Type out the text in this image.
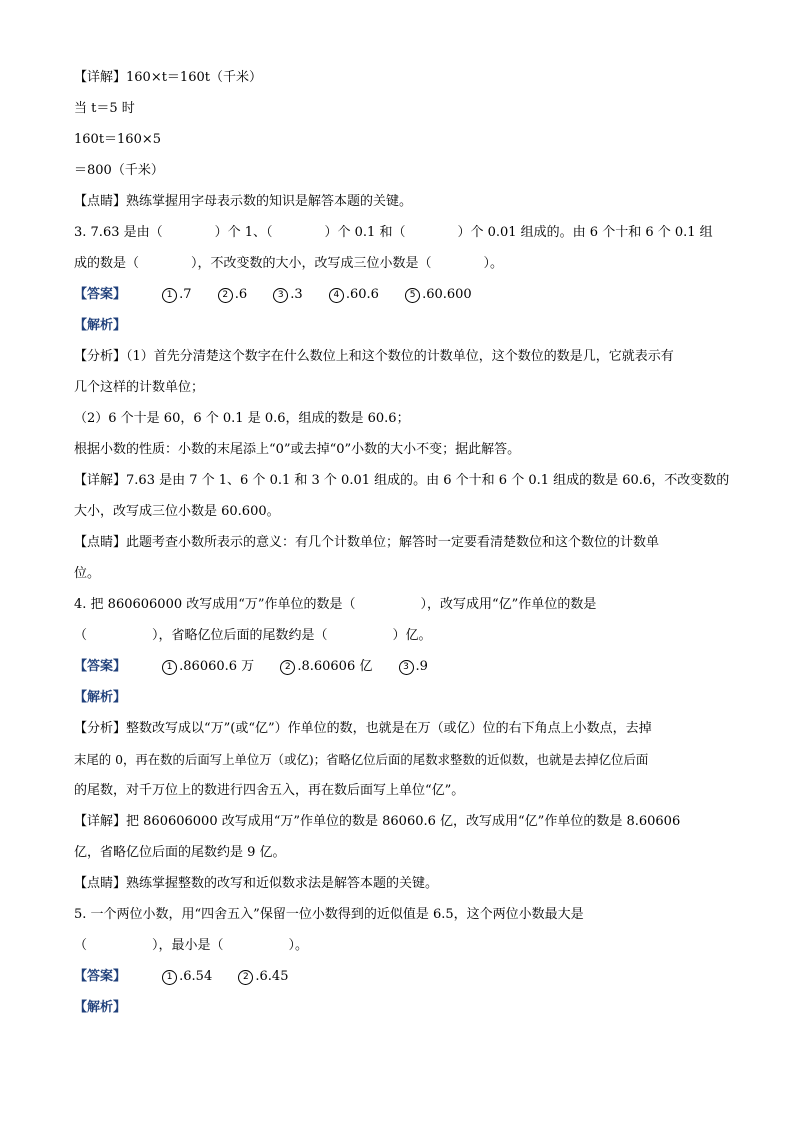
【详解】160×t＝160t（千米）
当 t＝5 时
160t＝160×5
＝800（千米）
【点睛】熟练掌握用字母表示数的知识是解答本题的关键。
3. 7.63 是由（　　　　）个 1、（　　　　）个 0.1 和（　　　　）个 0.01 组成的。由 6 个十和 6 个 0.1 组
成的数是（　　　　），不改变数的大小，改写成三位小数是（　　　　）。
【答案】	1 .7	2 .6	3 .3	4 .60.6	5 .60.600
【解析】
【分析】（1）首先分清楚这个数字在什么数位上和这个数位的计数单位，这个数位的数是几，它就表示有
几个这样的计数单位；
（2）6 个十是 60，6 个 0.1 是 0.6，组成的数是 60.6；
根据小数的性质：小数的末尾添上“0”或去掉“0”小数的大小不变；据此解答。
【详解】7.63 是由 7 个 1、6 个 0.1 和 3 个 0.01 组成的。由 6 个十和 6 个 0.1 组成的数是 60.6，不改变数的
大小，改写成三位小数是 60.600。
【点睛】此题考查小数所表示的意义：有几个计数单位；解答时一定要看清楚数位和这个数位的计数单
位。
4. 把 860606000 改写成用“万”作单位的数是（　　　　　），改写成用“亿”作单位的数是
（　　　　　），省略亿位后面的尾数约是（　　　　　）亿。
【答案】	1 .86060.6 万	2 .8.60606 亿	3 .9
【解析】
【分析】整数改写成以“万”(或“亿”）作单位的数，也就是在万（或亿）位的右下角点上小数点，去掉
末尾的 0，再在数的后面写上单位万（或亿)；省略亿位后面的尾数求整数的近似数，也就是去掉亿位后面
的尾数，对千万位上的数进行四舍五入，再在数后面写上单位“亿”。
【详解】把 860606000 改写成用“万”作单位的数是 86060.6 亿，改写成用“亿”作单位的数是 8.60606
亿，省略亿位后面的尾数约是 9 亿。
【点睛】熟练掌握整数的改写和近似数求法是解答本题的关键。
5. 一个两位小数，用“四舍五入”保留一位小数得到的近似值是 6.5，这个两位小数最大是
（　　　　　），最小是（　　　　　）。
【答案】	1 .6.54	2 .6.45
【解析】
